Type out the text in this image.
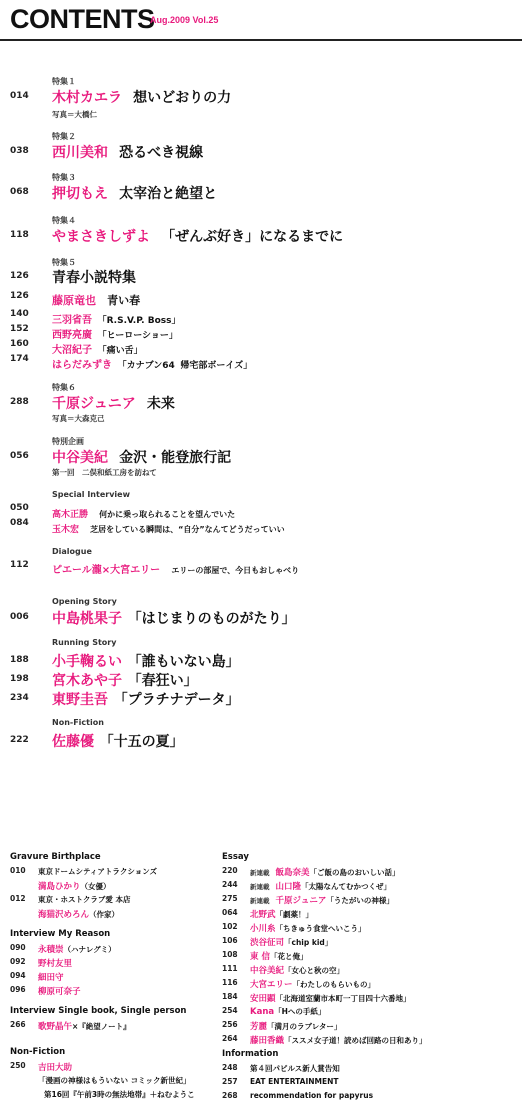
CONTENTS
Aug.2009 Vol.25
特集１
014 木村カエラ 想いどおりの力
写真＝大橋仁
特集２
038 西川美和 恐るべき視線
特集３
068 押切もえ 太宰治と絶望と
特集４
118 やまさきしずよ 「ぜんぶ好き」になるまでに
特集５
126 青春小説特集
126 藤原竜也 青い春
140
三羽省吾 「R.S.V.P. Boss」
152
西野亮廣 「ヒーローショー」
160
大沼紀子 「痛い舌」
174
はらだみずき 「カナブン64 帰宅部ボーイズ」
特集６
288 千原ジュニア 未来
写真＝大森克己
特別企画
056 中谷美紀 金沢・能登旅行記
第一回　二俣和紙工房を訪ねて
Special Interview
050
高木正勝 何かに乗っ取られることを望んでいた
084
玉木宏 芝居をしている瞬間は、“自分”なんてどうだっていい
Dialogue
112 ピエール瀧×大宮エリー エリーの部屋で、今日もおしゃべり
Opening Story
006 中島桃果子 「はじまりのものがたり」
Running Story
188 小手鞠るい 「誰もいない島」
198 宮木あや子 「春狂い」
234 東野圭吾 「プラチナデータ」
Non-Fiction
222 佐藤優 「十五の夏」
Gravure Birthplace
010 東京ドームシティアトラクションズ
満島ひかり（女優）
012 東京・ホストクラブ愛 本店
海猫沢めろん（作家）
Interview My Reason
090 永積崇（ハナレグミ）
092 野村友里
094 細田守
096 柳原可奈子
Interview Single book, Single person
266 歌野晶午×『絶望ノート』
Non-Fiction
250 吉田大助
「漫画の神様はもういない コミック新世紀」
第16回『午前3時の無法地帯』＋ねむようこ
Essay
220 新連載 飯島奈美「ご飯の島のおいしい話」
244 新連載 山口隆「太陽なんてむかつくぜ」
275 新連載 千原ジュニア「うたがいの神様」
064 北野武「劇薬！」
102 小川糸「ちきゅう食堂へいこう」
106 渋谷征司「chip kid」
108 東 信「花と俺」
111 中谷美紀「女心と秋の空」
116 大宮エリー「わたしのもらいもの」
184 安田顕「北海道室蘭市本町一丁目四十六番地」
254 Kana「Hへの手紙」
256 芳麗「満月のラブレター」
264 藤田香織「ススメ女子道！読めば回路の日和あり」
Information
248 第４回パピルス新人賞告知
257 EAT ENTERTAINMENT
268 recommendation for papyrus
